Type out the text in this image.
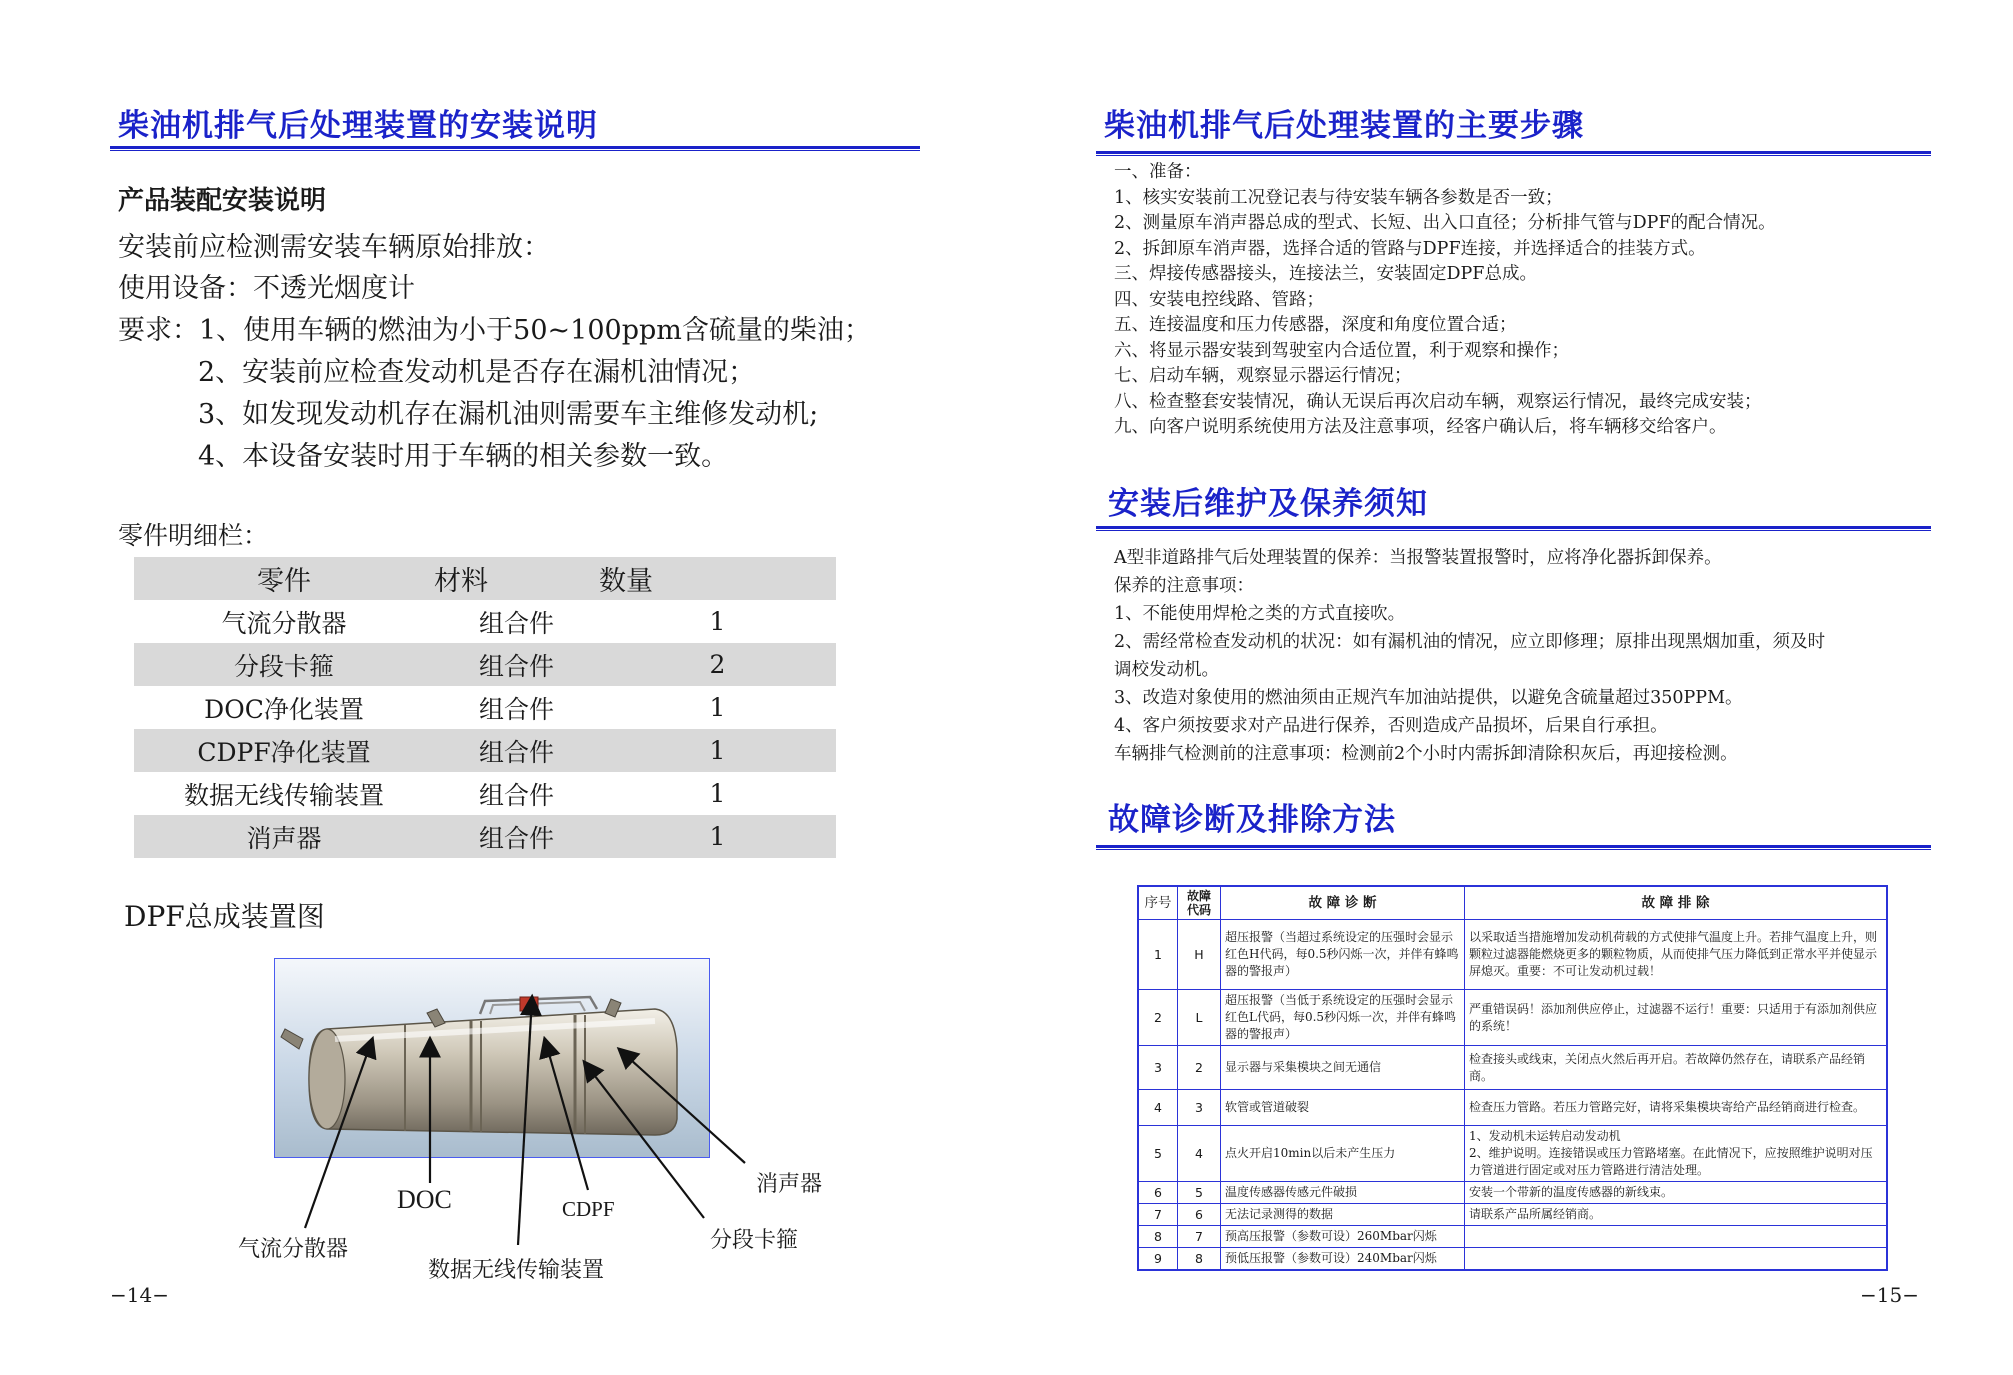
柴油机排气后处理装置的安装说明
产品装配安装说明
安装前应检测需安装车辆原始排放：
使用设备：不透光烟度计
要求：1、使用车辆的燃油为小于50~100ppm含硫量的柴油；
2、安装前应检查发动机是否存在漏机油情况；
3、如发现发动机存在漏机油则需要车主维修发动机;
4、本设备安装时用于车辆的相关参数一致。
零件明细栏：
零件	材料	数量
气流分散器	组合件	1
分段卡箍	组合件	2
DOC净化装置	组合件	1
CDPF净化装置	组合件	1
数据无线传输装置	组合件	1
消声器	组合件	1
DPF总成装置图
消声器
DOC	CDPF
分段卡箍
气流分散器
数据无线传输装置
−14−
柴油机排气后处理装置的主要步骤
一、准备：
1、核实安装前工况登记表与待安装车辆各参数是否一致；
2、测量原车消声器总成的型式、长短、出入口直径；分析排气管与DPF的配合情况。
2、拆卸原车消声器，选择合适的管路与DPF连接，并选择适合的挂装方式。
三、焊接传感器接头，连接法兰，安装固定DPF总成。
四、安装电控线路、管路；
五、连接温度和压力传感器，深度和角度位置合适；
六、将显示器安装到驾驶室内合适位置，利于观察和操作；
七、启动车辆，观察显示器运行情况；
八、检查整套安装情况，确认无误后再次启动车辆，观察运行情况，最终完成安装；
九、向客户说明系统使用方法及注意事项，经客户确认后，将车辆移交给客户。
安装后维护及保养须知
A型非道路排气后处理装置的保养：当报警装置报警时，应将净化器拆卸保养。
保养的注意事项：
1、不能使用焊枪之类的方式直接吹。
2、需经常检查发动机的状况：如有漏机油的情况，应立即修理；原排出现黑烟加重，须及时
调校发动机。
3、改造对象使用的燃油须由正规汽车加油站提供，以避免含硫量超过350PPM。
4、客户须按要求对产品进行保养，否则造成产品损坏，后果自行承担。
车辆排气检测前的注意事项：检测前2个小时内需拆卸清除积灰后，再迎接检测。
故障诊断及排除方法
−15−
序号	故障代码	故 障 诊 断	故 障 排 除
1	H	超压报警（当超过系统设定的压强时会显示红色H代码，每0.5秒闪烁一次，并伴有蜂鸣器的警报声）	以采取适当措施增加发动机荷载的方式使排气温度上升。若排气温度上升，则颗粒过滤器能燃烧更多的颗粒物质，从而使排气压力降低到正常水平并使显示屏熄灭。重要：不可让发动机过载！
2	L	超压报警（当低于系统设定的压强时会显示红色L代码，每0.5秒闪烁一次，并伴有蜂鸣器的警报声）	严重错误码！添加剂供应停止，过滤器不运行！重要：只适用于有添加剂供应的系统！
3	2	显示器与采集模块之间无通信	检查接头或线束，关闭点火然后再开启。若故障仍然存在，请联系产品经销商。
4	3	软管或管道破裂	检查压力管路。若压力管路完好，请将采集模块寄给产品经销商进行检查。
5	4	点火开启10min以后未产生压力	1、发动机未运转启动发动机
2、维护说明。连接错误或压力管路堵塞。在此情况下，应按照维护说明对压力管道进行固定或对压力管路进行清洁处理。
6	5	温度传感器传感元件破损	安装一个带新的温度传感器的新线束。
7	6	无法记录测得的数据	请联系产品所属经销商。
8	7	预高压报警（参数可设）260Mbar闪烁	
9	8	预低压报警（参数可设）240Mbar闪烁	
